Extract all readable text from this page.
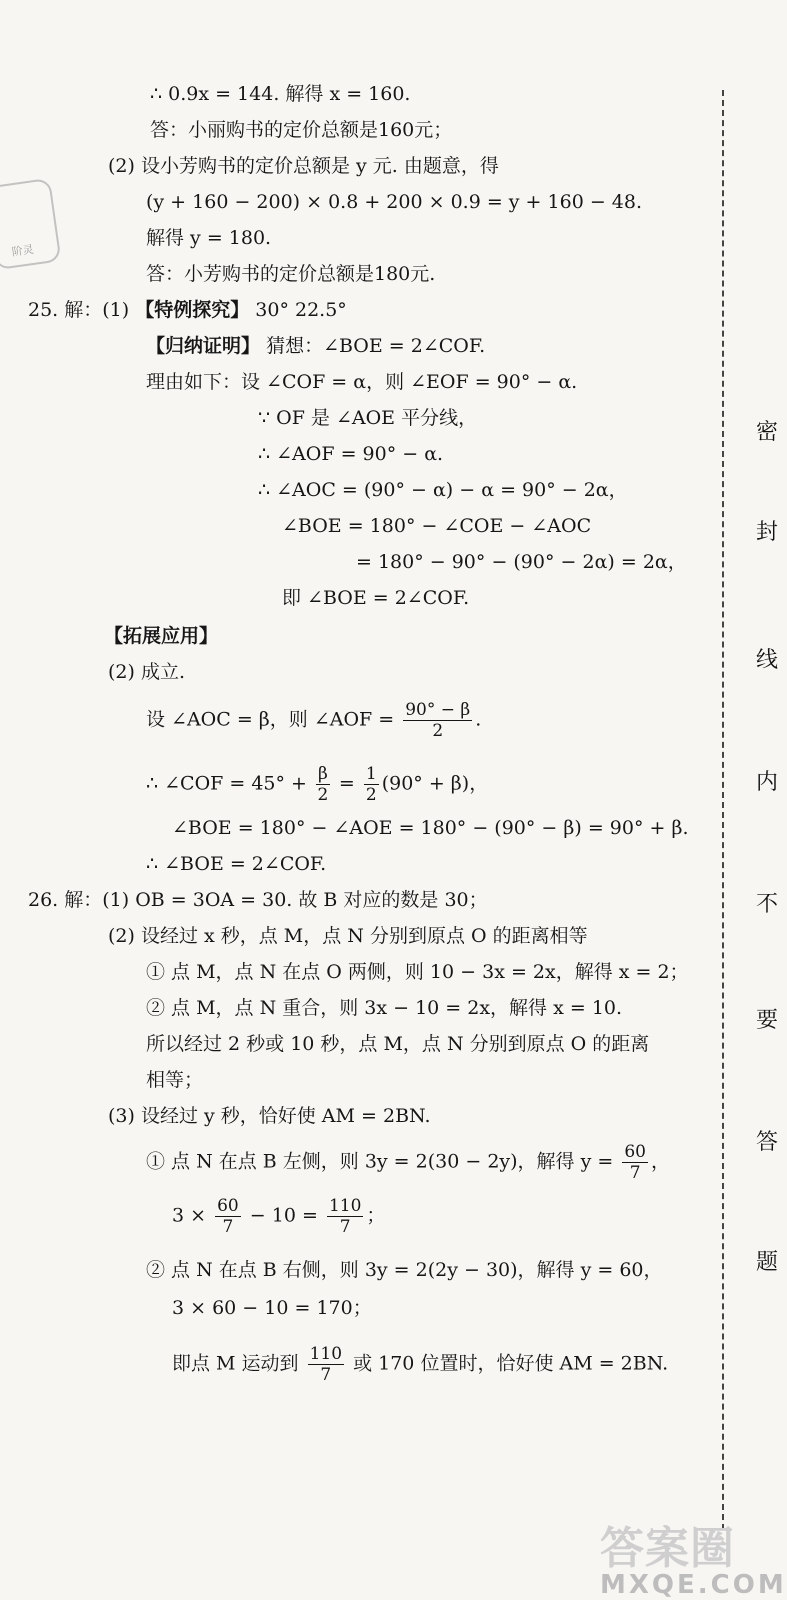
阶灵
∴ 0.9x = 144. 解得 x = 160.
答：小丽购书的定价总额是160元；
(2) 设小芳购书的定价总额是 y 元. 由题意，得
(y + 160 − 200) × 0.8 + 200 × 0.9 = y + 160 − 48.
解得 y = 180.
答：小芳购书的定价总额是180元.
25. 解：(1) 【特例探究】 30° 22.5°
【归纳证明】 猜想：∠BOE = 2∠COF.
理由如下：设 ∠COF = α，则 ∠EOF = 90° − α.
∵ OF 是 ∠AOE 平分线，
∴ ∠AOF = 90° − α.
∴ ∠AOC = (90° − α) − α = 90° − 2α，
∠BOE = 180° − ∠COE − ∠AOC
= 180° − 90° − (90° − 2α) = 2α，
即 ∠BOE = 2∠COF.
【拓展应用】
(2) 成立.
设 ∠AOC = β，则 ∠AOF = $\frac{90^\circ - \beta}{2}$ .
∴ ∠COF = $45^\circ + \frac{\beta}{2} = \frac{1}{2} (90^\circ + \beta)$，
∠BOE = 180° − ∠AOE = 180° − (90° − β) = 90° + β.
∴ ∠BOE = 2∠COF.
26. 解：(1) OB = 3OA = 30. 故 B 对应的数是 30；
(2) 设经过 x 秒，点 M，点 N 分别到原点 O 的距离相等
① 点 M，点 N 在点 O 两侧，则 10 − 3x = 2x，解得 x = 2；
② 点 M，点 N 重合，则 3x − 10 = 2x，解得 x = 10.
所以经过 2 秒或 10 秒，点 M，点 N 分别到原点 O 的距离
相等；
(3) 设经过 y 秒，恰好使 AM = 2BN.
① 点 N 在点 B 左侧，则 3y = 2(30 − 2y)，解得 $y = \frac{60}{7}$ ，
$3 \times \frac{60}{7} - 10 = \frac{110}{7}$ ；
② 点 N 在点 B 右侧，则 3y = 2(2y − 30)，解得 y = 60，
3 × 60 − 10 = 170；
即点 M 运动到 $\frac{110}{7}$ 或 170 位置时，恰好使 AM = 2BN.
密
封
线
内
不
要
答
题
答案圈
MXQE.COM
